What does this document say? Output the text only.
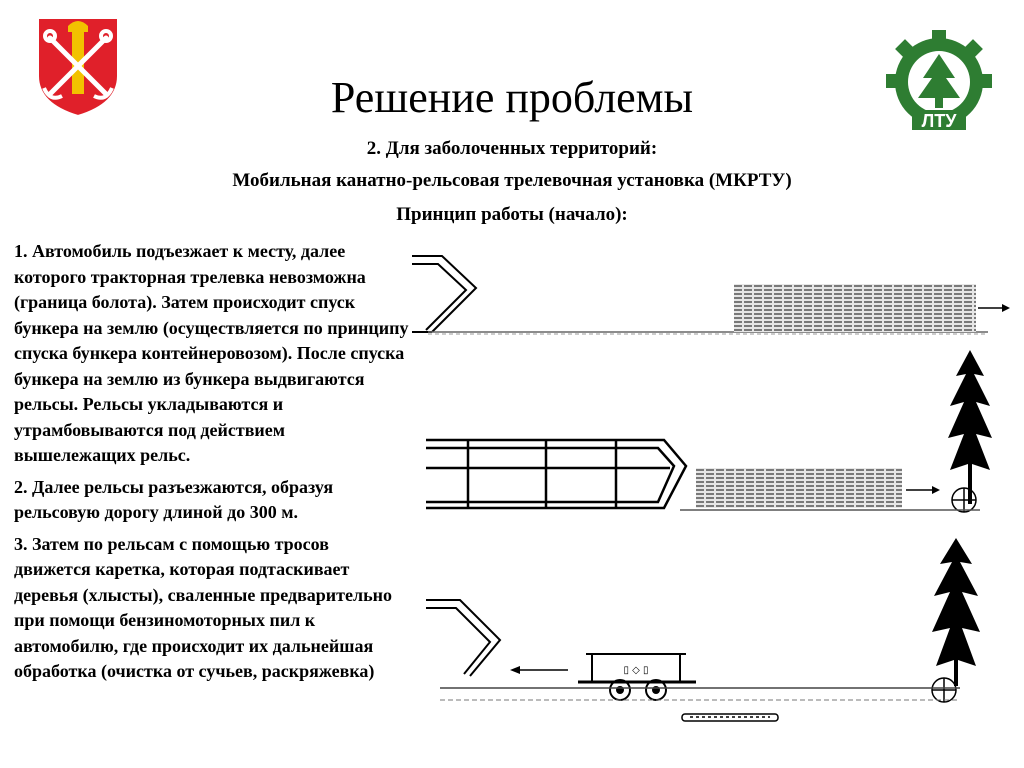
ЛТУ
Решение проблемы
2. Для заболоченных территорий:
Мобильная канатно-рельсовая трелевочная установка (МКРТУ)
Принцип работы (начало):

1. Автомобиль подъезжает к месту, далее которого тракторная трелевка невозможна (граница болота). Затем происходит спуск бункера на землю (осуществляется по принципу спуска бункера контейнеровозом). После спуска бункера на землю из бункера выдвигаются рельсы. Рельсы укладываются и утрамбовываются под действием вышележащих рельс.

2. Далее рельсы разъезжаются, образуя рельсовую дорогу длиной до 300 м.

3. Затем по рельсам с помощью тросов движется каретка, которая подтаскивает деревья (хлысты), сваленные предварительно при помощи бензиномоторных пил к автомобилю, где происходит их дальнейшая обработка (очистка от сучьев, раскряжевка)	▯ ◇ ▯
